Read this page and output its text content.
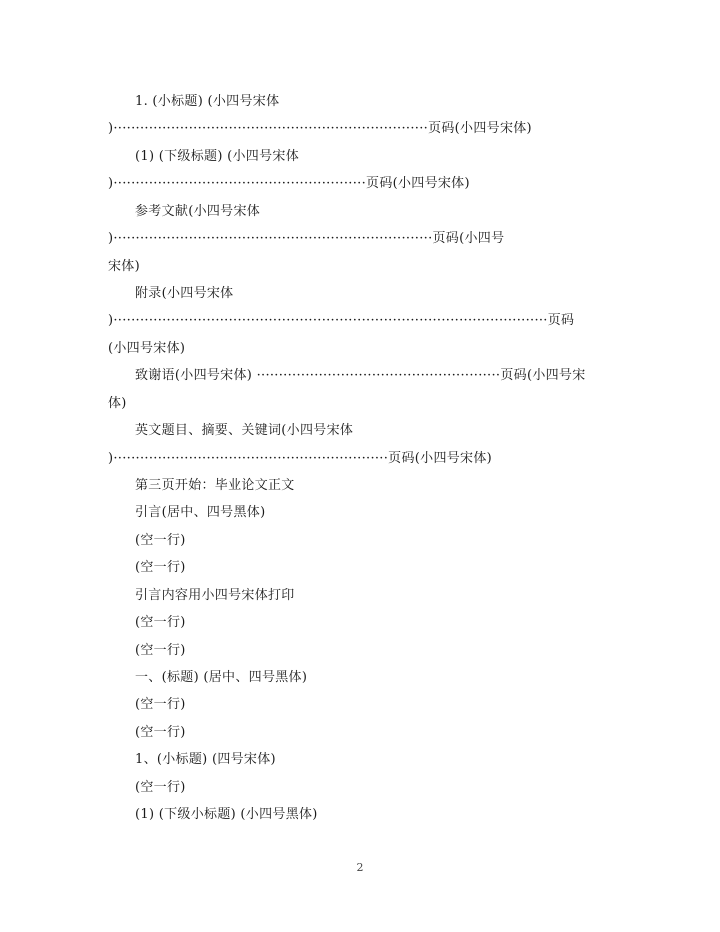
1. (小标题) (小四号宋体
)·······································································页码(小四号宋体)
(1) (下级标题) (小四号宋体
)·························································页码(小四号宋体)
参考文献(小四号宋体
)········································································页码(小四号
宋体)
附录(小四号宋体
)··································································································页码
(小四号宋体)
致谢语(小四号宋体) ·······················································页码(小四号宋
体)
英文题目、摘要、关键词(小四号宋体
)······························································页码(小四号宋体)
第三页开始：毕业论文正文
引言(居中、四号黑体)
(空一行)
(空一行)
引言内容用小四号宋体打印
(空一行)
(空一行)
一、(标题) (居中、四号黑体)
(空一行)
(空一行)
1、(小标题) (四号宋体)
(空一行)
(1) (下级小标题) (小四号黑体)
2
